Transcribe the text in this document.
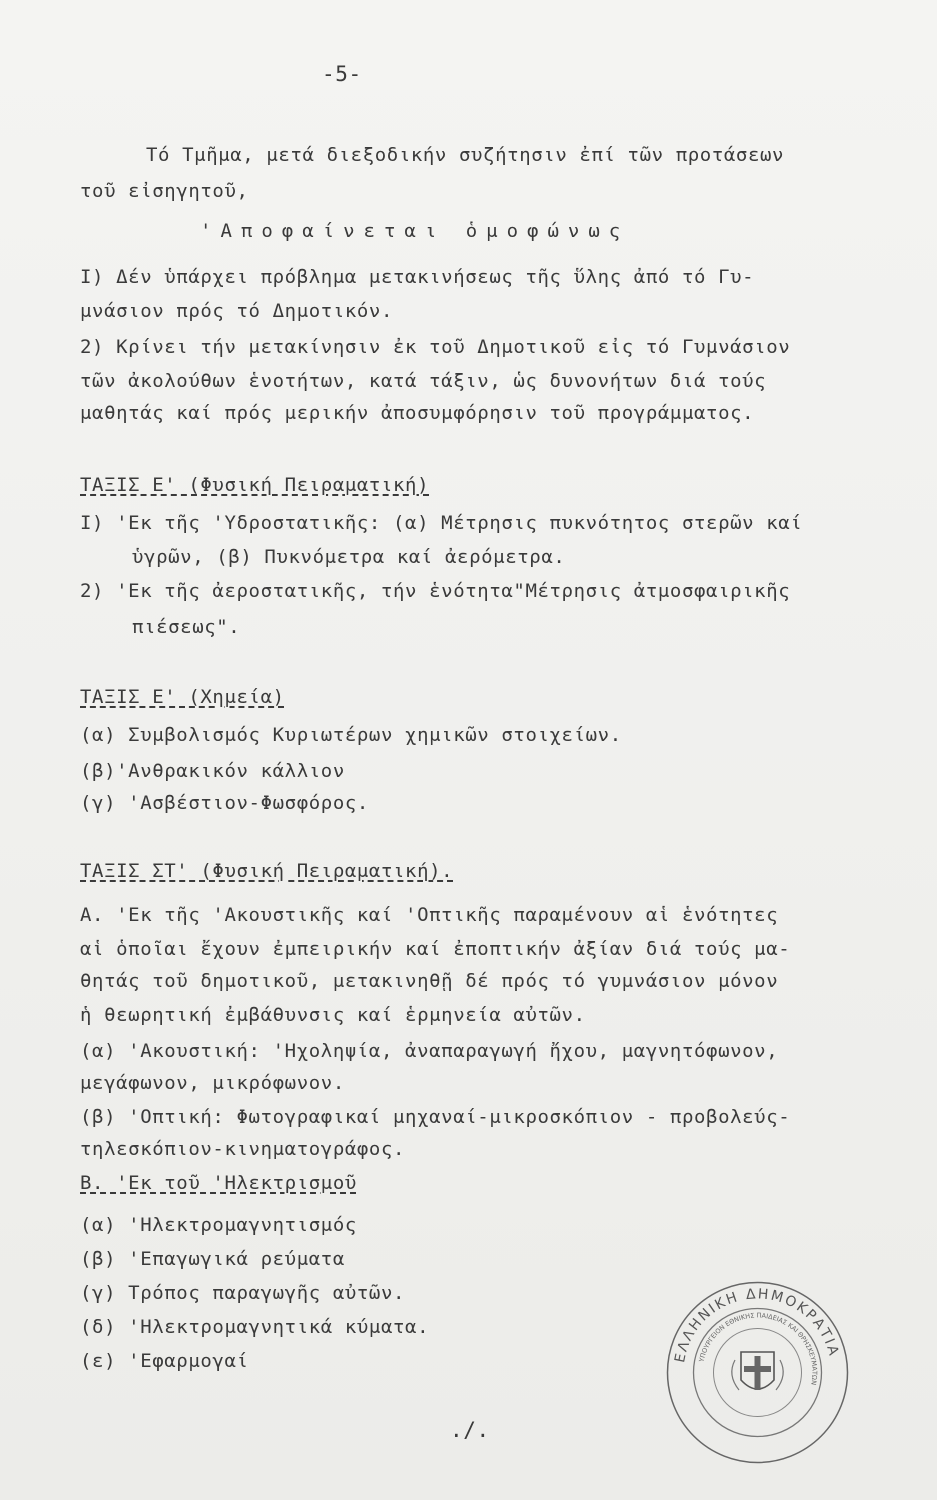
-5-
Τό Τμῆμα, μετά διεξοδικήν συζήτησιν ἐπί τῶν προτάσεων
τοῦ εἰσηγητοῦ,
'Αποφαίνεται ὁμοφώνως
Ι) Δέν ὑπάρχει πρόβλημα μετακινήσεως τῆς ὕλης ἀπό τό Γυ-
μνάσιον πρός τό Δημοτικόν.
2) Κρίνει τήν μετακίνησιν ἐκ τοῦ Δημοτικοῦ εἰς τό Γυμνάσιον
τῶν ἀκολούθων ἑνοτήτων, κατά τάξιν, ὡς δυνονήτων διά τούς
μαθητάς καί πρός μερικήν ἀποσυμφόρησιν τοῦ προγράμματος.
ΤΑΞΙΣ Ε' (Φυσική Πειραματική)
Ι) 'Εκ τῆς 'Υδροστατικῆς: (α) Μέτρησις πυκνότητος στερῶν καί
ὑγρῶν, (β) Πυκνόμετρα καί ἀερόμετρα.
2) 'Εκ τῆς ἀεροστατικῆς, τήν ἑνότητα"Μέτρησις ἀτμοσφαιρικῆς
πιέσεως".
ΤΑΞΙΣ Ε' (Χημεία)
(α) Συμβολισμός Κυριωτέρων χημικῶν στοιχείων.
(β)'Ανθρακικόν κάλλιον
(γ) 'Ασβέστιον-Φωσφόρος.
ΤΑΞΙΣ ΣΤ' (Φυσική Πειραματική).
Α. 'Εκ τῆς 'Ακουστικῆς καί 'Οπτικῆς παραμένουν αἱ ἑνότητες
αἱ ὁποῖαι ἔχουν ἐμπειρικήν καί ἐποπτικήν ἀξίαν διά τούς μα-
θητάς τοῦ δημοτικοῦ, μετακινηθῇ δέ πρός τό γυμνάσιον μόνον
ἡ θεωρητική ἐμβάθυνσις καί ἑρμηνεία αὐτῶν.
(α) 'Ακουστική: 'Ηχοληψία, ἀναπαραγωγή ἤχου, μαγνητόφωνον,
μεγάφωνον, μικρόφωνον.
(β) 'Οπτική: Φωτογραφικαί μηχαναί-μικροσκόπιον - προβολεύς-
τηλεσκόπιον-κινηματογράφος.
Β. 'Εκ τοῦ 'Ηλεκτρισμοῦ
(α) 'Ηλεκτρομαγνητισμός
(β) 'Επαγωγικά ρεύματα
(γ) Τρόπος παραγωγῆς αὐτῶν.
(δ) 'Ηλεκτρομαγνητικά κύματα.
(ε) 'Εφαρμογαί
./.
ΕΛΛΗΝΙΚΗ ΔΗΜΟΚΡΑΤΙΑ
ΥΠΟΥΡΓΕΙΟΝ ΕΘΝΙΚΗΣ ΠΑΙΔΕΙΑΣ ΚΑΙ ΘΡΗΣΚΕΥΜΑΤΩΝ
